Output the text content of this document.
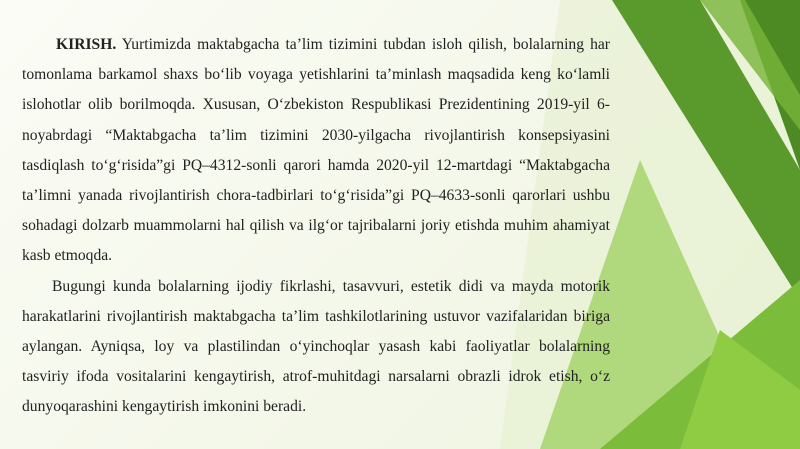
KIRISH. Yurtimizda maktabgacha ta’lim tizimini tubdan isloh qilish, bolalarning har tomonlama barkamol shaxs bo‘lib voyaga yetishlarini ta’minlash maqsadida keng ko‘lamli islohotlar olib borilmoqda. Xususan, O‘zbekiston Respublikasi Prezidentining 2019-yil 6-noyabrdagi “Maktabgacha ta’lim tizimini 2030-yilgacha rivojlantirish konsepsiyasini tasdiqlash to‘g‘risida”gi PQ–4312-sonli qarori hamda 2020-yil 12-martdagi “Maktabgacha ta’limni yanada rivojlantirish chora-tadbirlari to‘g‘risida”gi PQ–4633-sonli qarorlari ushbu sohadagi dolzarb muammolarni hal qilish va ilg‘or tajribalarni joriy etishda muhim ahamiyat kasb etmoqda.

Bugungi kunda bolalarning ijodiy fikrlashi, tasavvuri, estetik didi va mayda motorik harakatlarini rivojlantirish maktabgacha ta’lim tashkilotlarining ustuvor vazifalaridan biriga aylangan. Ayniqsa, loy va plastilindan o‘yinchoqlar yasash kabi faoliyatlar bolalarning tasviriy ifoda vositalarini kengaytirish, atrof-muhitdagi narsalarni obrazli idrok etish, o‘z dunyoqarashini kengaytirish imkonini beradi.
